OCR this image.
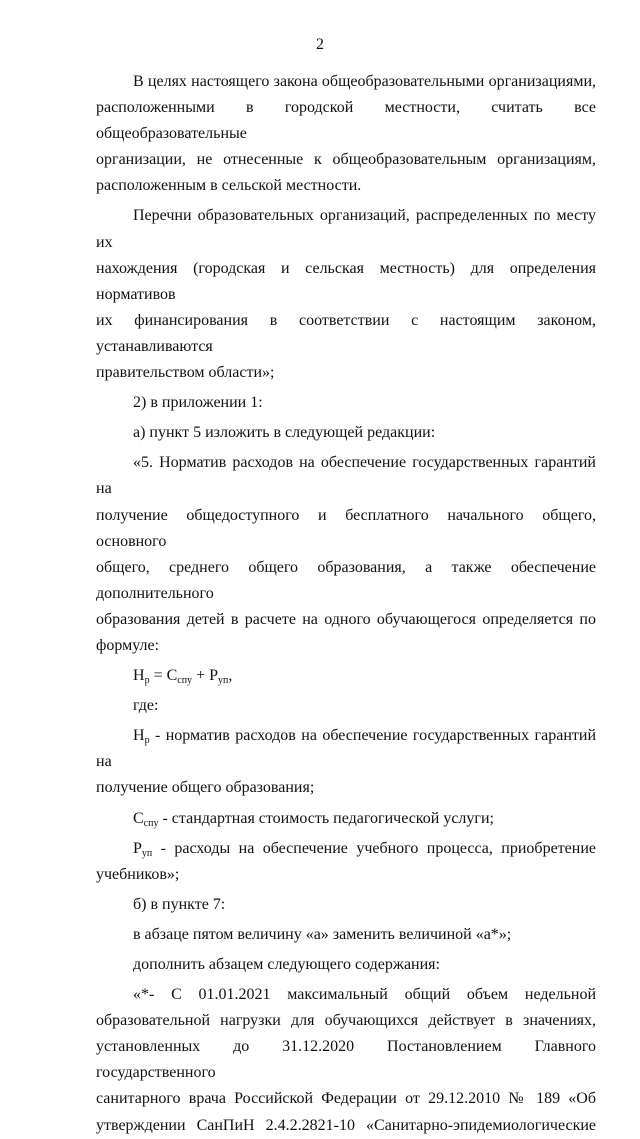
2

В целях настоящего закона общеобразовательными организациями,

расположенными в городской местности, считать все общеобразовательные

организации, не отнесенные к общеобразовательным организациям,

расположенным в сельской местности.

Перечни образовательных организаций, распределенных по месту их

нахождения (городская и сельская местность) для определения нормативов

их финансирования в соответствии с настоящим законом, устанавливаются

правительством области»;

2) в приложении 1:

а) пункт 5 изложить в следующей редакции:

«5. Норматив расходов на обеспечение государственных гарантий на

получение общедоступного и бесплатного начального общего, основного

общего, среднего общего образования, а также обеспечение дополнительного

образования детей в расчете на одного обучающегося определяется по

формуле:

$Н_р = С_{спу} + Р_{уп}$,

где:

$Н_р$ - норматив расходов на обеспечение государственных гарантий на

получение общего образования;

$С_{спу}$ - стандартная стоимость педагогической услуги;

$Р_{уп}$ - расходы на обеспечение учебного процесса, приобретение

учебников»;

б) в пункте 7:

в абзаце пятом величину «а» заменить величиной «а*»;

дополнить абзацем следующего содержания:

«*- С 01.01.2021 максимальный общий объем недельной

образовательной нагрузки для обучающихся действует в значениях,

установленных до 31.12.2020 Постановлением Главного государственного

санитарного врача Российской Федерации от 29.12.2010 № 189 «Об

утверждении СанПиН 2.4.2.2821-10 «Санитарно-эпидемиологические
